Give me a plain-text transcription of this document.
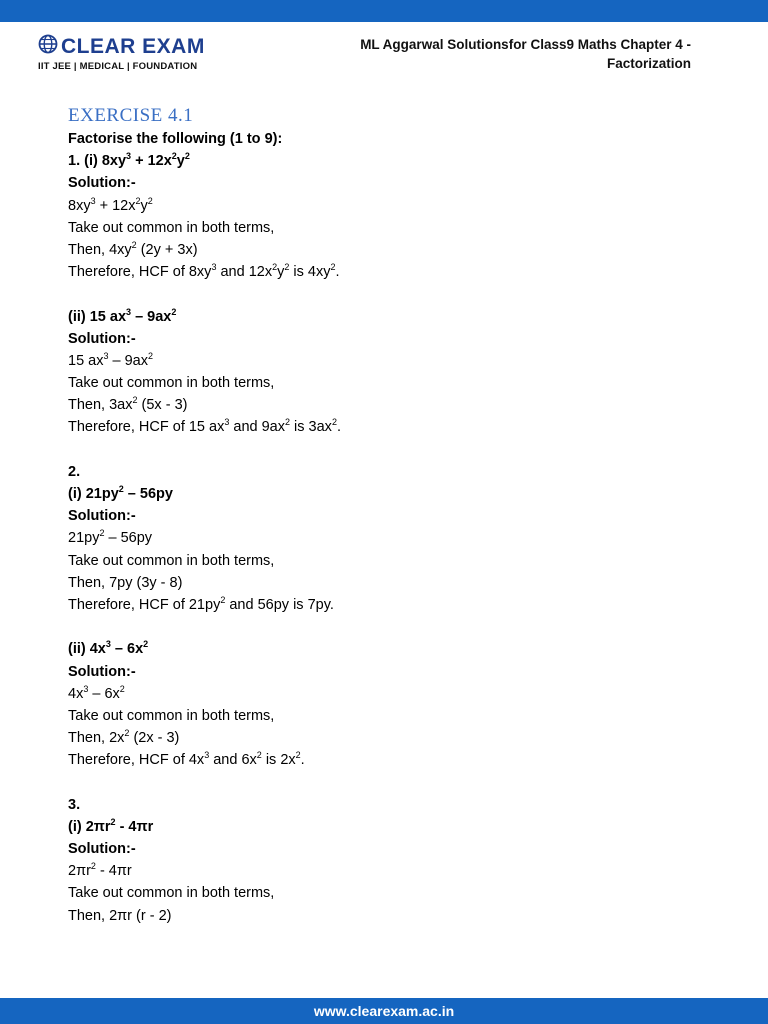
CLEAR EXAM
IIT JEE | MEDICAL | FOUNDATION
ML Aggarwal Solutionsfor Class9 Maths Chapter 4 -
Factorization
EXERCISE 4.1
Factorise the following (1 to 9):
1. (i) $8xy^3 + 12x^2y^2$
Solution:-
$8xy^3 + 12x^2y^2$
Take out common in both terms,
Then, $4xy^2$ (2y + 3x)
Therefore, HCF of $8xy^3$ and $12x^2y^2$ is $4xy^2$.
(ii) 15 $ax^3 - 9ax^2$
Solution:-
15 $ax^3 - 9ax^2$
Take out common in both terms,
Then, $3ax^2$ (5x - 3)
Therefore, HCF of 15 $ax^3$ and $9ax^2$ is $3ax^2$.
2.
(i) $21py^2 - 56py$
Solution:-
$21py^2 - 56py$
Take out common in both terms,
Then, 7py (3y - 8)
Therefore, HCF of $21py^2$ and 56py is 7py.
(ii) $4x^3 - 6x^2$
Solution:-
$4x^3 - 6x^2$
Take out common in both terms,
Then, $2x^2$ (2x - 3)
Therefore, HCF of $4x^3$ and $6x^2$ is $2x^2$.
3.
(i) $2\pi r^2 - 4\pi r$
Solution:-
$2\pi r^2 - 4\pi r$
Take out common in both terms,
Then, 2πr (r - 2)
www.clearexam.ac.in
